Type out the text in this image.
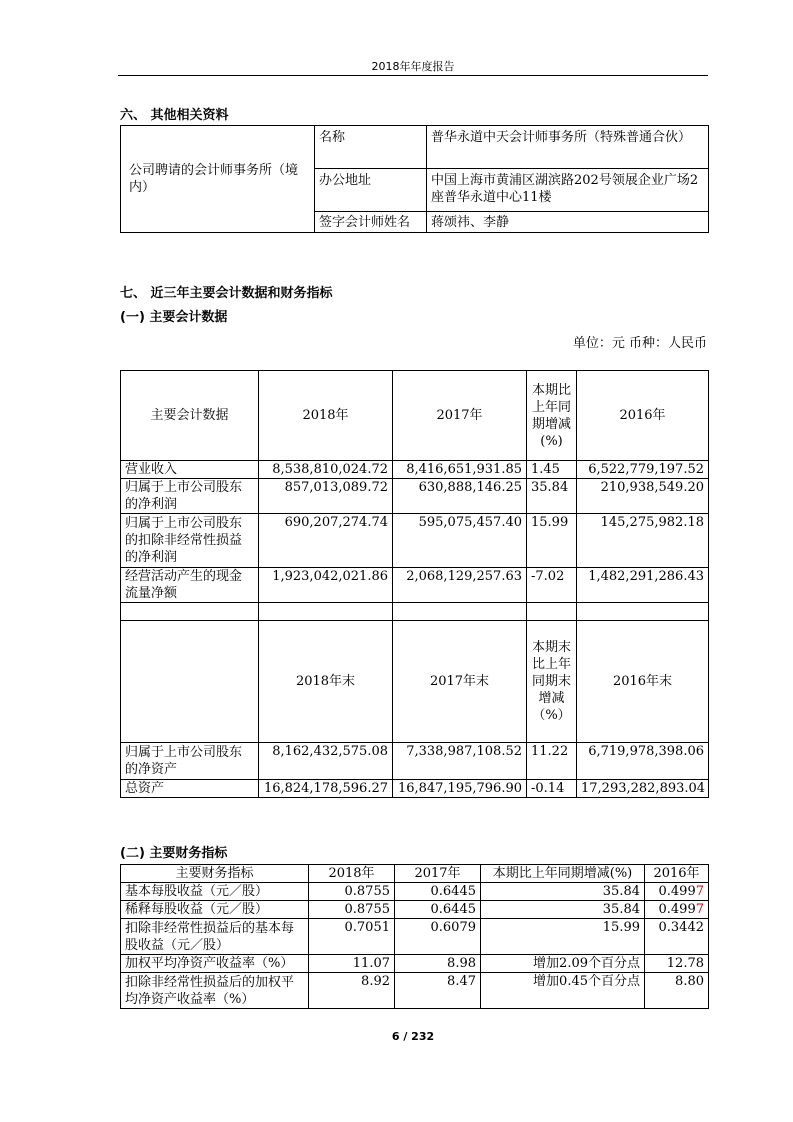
2018年年度报告
六、 其他相关资料
公司聘请的会计师事务所（境内）	名称	普华永道中天会计师事务所（特殊普通合伙）
	办公地址	中国上海市黄浦区湖滨路202号领展企业广场2座普华永道中心11楼
	签字会计师姓名	蒋颂祎、李静
七、 近三年主要会计数据和财务指标
(一) 主要会计数据
单位：元 币种：人民币
主要会计数据	2018年	2017年	本期比上年同期增减(%)	2016年
营业收入	8,538,810,024.72	8,416,651,931.85	1.45	6,522,779,197.52
归属于上市公司股东的净利润	857,013,089.72	630,888,146.25	35.84	210,938,549.20
归属于上市公司股东的扣除非经常性损益的净利润	690,207,274.74	595,075,457.40	15.99	145,275,982.18
经营活动产生的现金流量净额	1,923,042,021.86	2,068,129,257.63	-7.02	1,482,291,286.43

	2018年末	2017年末	本期末比上年同期末增减（%）	2016年末
归属于上市公司股东的净资产	8,162,432,575.08	7,338,987,108.52	11.22	6,719,978,398.06
总资产	16,824,178,596.27	16,847,195,796.90	-0.14	17,293,282,893.04
(二) 主要财务指标
主要财务指标	2018年	2017年	本期比上年同期增减(%)	2016年
基本每股收益（元／股）	0.8755	0.6445	35.84	0.4997
稀释每股收益（元／股）	0.8755	0.6445	35.84	0.4997
扣除非经常性损益后的基本每股收益（元／股）	0.7051	0.6079	15.99	0.3442
加权平均净资产收益率（%）	11.07	8.98	增加2.09个百分点	12.78
扣除非经常性损益后的加权平均净资产收益率（%）	8.92	8.47	增加0.45个百分点	8.80
6 / 232
